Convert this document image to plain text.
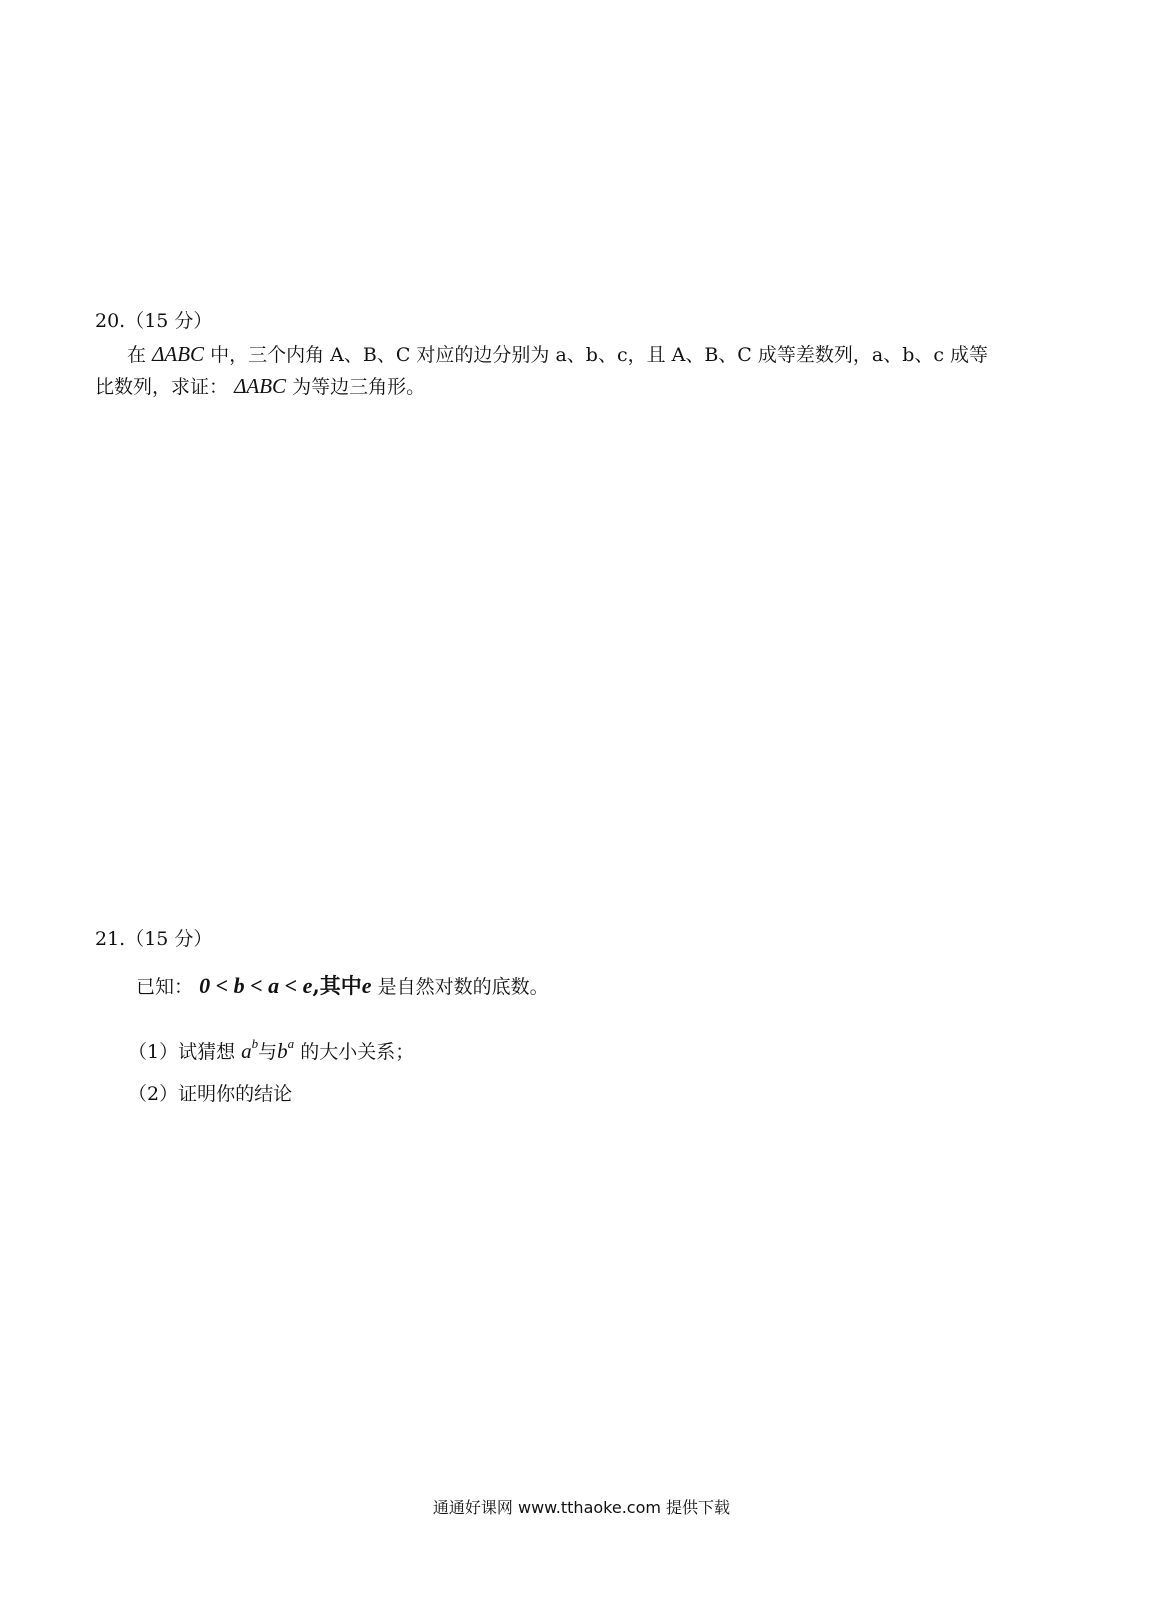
20.（15 分）
在 ΔABC 中，三个内角 A、B、C 对应的边分别为 a、b、c，且 A、B、C 成等差数列，a、b、c 成等
比数列，求证： ΔABC 为等边三角形。
21.（15 分）
已知： 0 < b < a < e,其中e 是自然对数的底数。
（1）试猜想 $a^b$与$b^a$ 的大小关系；
（2）证明你的结论
通通好课网 www.tthaoke.com 提供下载
